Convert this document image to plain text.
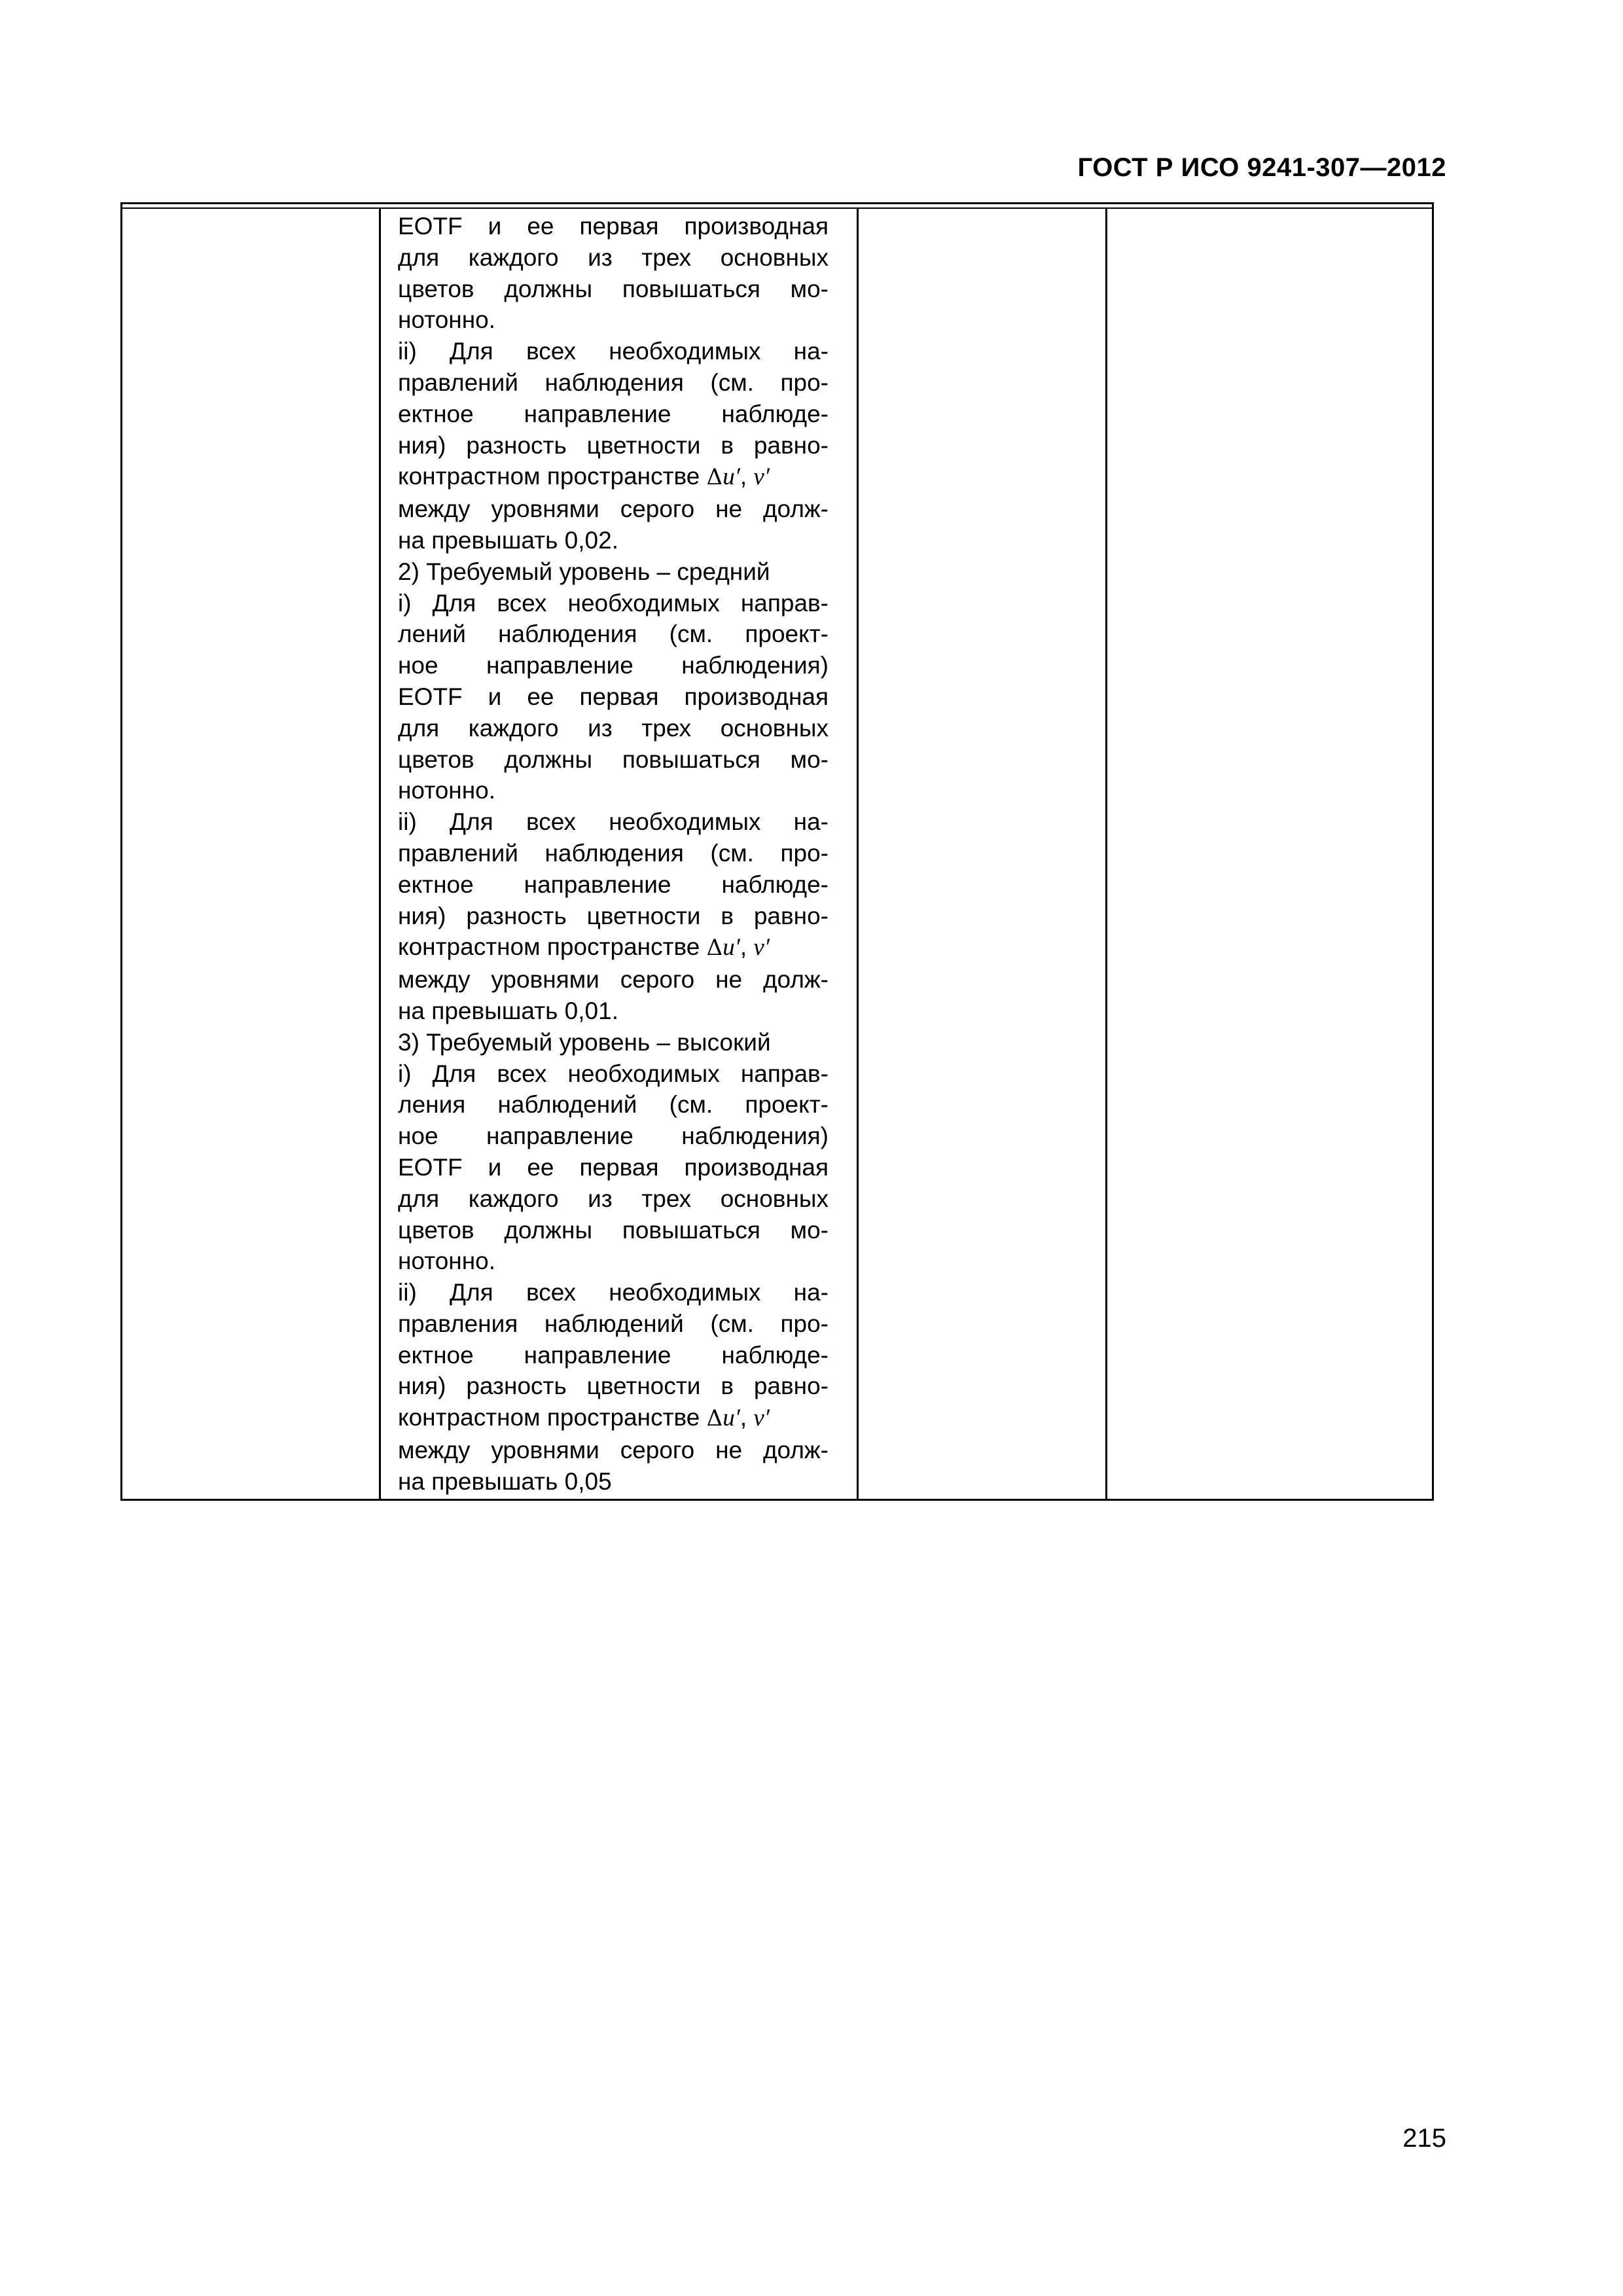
ГОСТ Р ИСО 9241-307—2012
EOTF и ее первая производная
для каждого из трех основных
цветов должны повышаться мо-
нотонно.
ii) Для всех необходимых на-
правлений наблюдения (см. про-
ектное направление наблюде-
ния) разность цветности в равно-
контрастном пространстве Δu′, v′
между уровнями серого не долж-
на превышать 0,02.
2) Требуемый уровень – средний
i) Для всех необходимых направ-
лений наблюдения (см. проект-
ное направление наблюдения)
EOTF и ее первая производная
для каждого из трех основных
цветов должны повышаться мо-
нотонно.
ii) Для всех необходимых на-
правлений наблюдения (см. про-
ектное направление наблюде-
ния) разность цветности в равно-
контрастном пространстве Δu′, v′
между уровнями серого не долж-
на превышать 0,01.
3) Требуемый уровень – высокий
i) Для всех необходимых направ-
ления наблюдений (см. проект-
ное направление наблюдения)
EOTF и ее первая производная
для каждого из трех основных
цветов должны повышаться мо-
нотонно.
ii) Для всех необходимых на-
правления наблюдений (см. про-
ектное направление наблюде-
ния) разность цветности в равно-
контрастном пространстве Δu′, v′
между уровнями серого не долж-
на превышать 0,05
215
